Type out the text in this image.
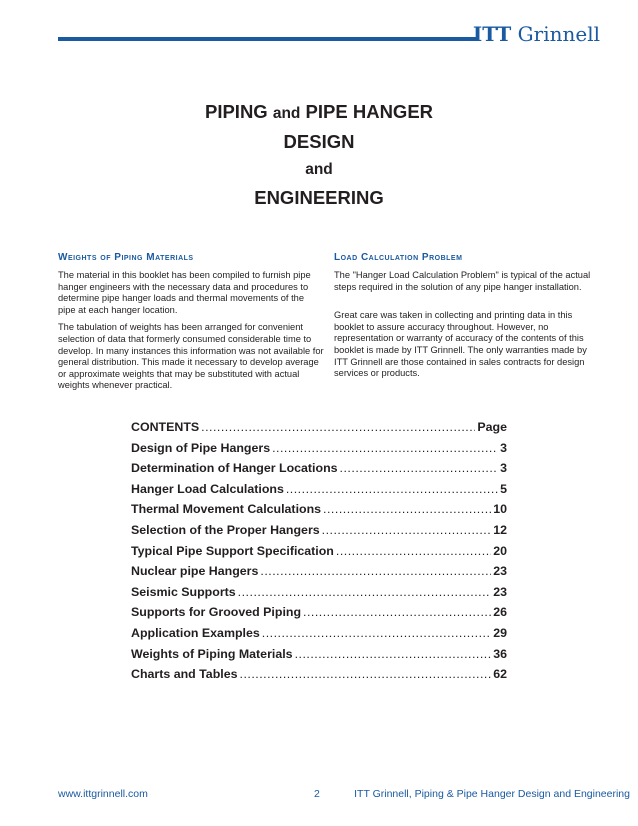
ITT Grinnell
PIPING and PIPE HANGER
DESIGN
and
ENGINEERING
Weights of Piping Materials

The material in this booklet has been compiled to furnish pipe hanger engineers with the necessary data and procedures to determine pipe hanger loads and thermal movements of the pipe at each hanger location.

The tabulation of weights has been arranged for convenient selection of data that formerly consumed considerable time to develop. In many instances this information was not available for general distribution. This made it necessary to develop average or approximate weights that may be substituted with actual weights whenever practical.

Load Calculation Problem

The "Hanger Load Calculation Problem" is typical of the actual steps required in the solution of any pipe hanger installation.

Great care was taken in collecting and printing data in this booklet to assure accuracy throughout. However, no representation or warranty of accuracy of the contents of this booklet is made by ITT Grinnell. The only warranties made by ITT Grinnell are those contained in sales contracts for design services or products.

CONTENTS .....	Page
Design of Pipe Hangers .....	3
Determination of Hanger Locations .....	3
Hanger Load Calculations .....	5
Thermal Movement Calculations .....	10
Selection of the Proper Hangers .....	12
Typical Pipe Support Specification .....	20
Nuclear pipe Hangers .....	23
Seismic Supports .....	23
Supports for Grooved Piping .....	26
Application Examples .....	29
Weights of Piping Materials .....	36
Charts and Tables .....	62
www.ittgrinnell.com	2	ITT Grinnell, Piping & Pipe Hanger Design and Engineering
